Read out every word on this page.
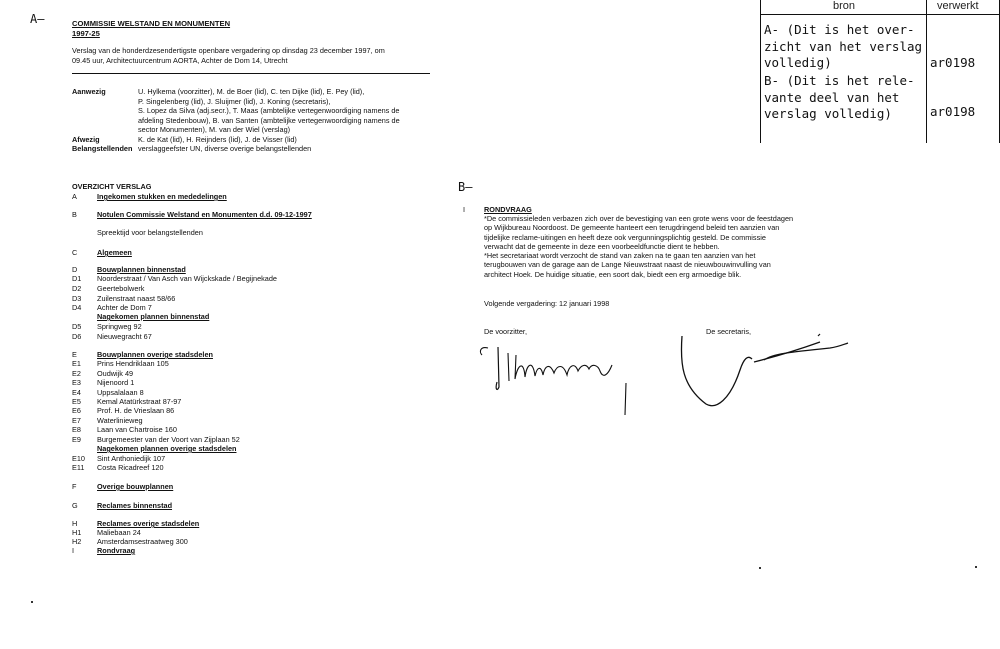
A—
B—
COMMISSIE WELSTAND EN MONUMENTEN
1997-25
Verslag van de honderdzesendertigste openbare vergadering op dinsdag 23 december 1997, om
09.45 uur, Architectuurcentrum AORTA, Achter de Dom 14, Utrecht
Aanwezig	U. Hylkema (voorzitter), M. de Boer (lid), C. ten Dijke (lid), E. Pey (lid),
P. Singelenberg (lid), J. Sluijmer (lid), J. Koning (secretaris),
S. Lopez da Silva (adj.secr.), T. Maas (ambtelijke vertegenwoordiging namens de
afdeling Stedenbouw), B. van Santen (ambtelijke vertegenwoordiging namens de
sector Monumenten), M. van der Wiel (verslag)
Afwezig	K. de Kat (lid), H. Reijnders (lid), J. de Visser (lid)
Belangstellenden verslaggeefster UN, diverse overige belangstellenden
OVERZICHT VERSLAG
A	Ingekomen stukken en mededelingen
B	Notulen Commissie Welstand en Monumenten d.d. 09-12-1997
Spreektijd voor belangstellenden
C	Algemeen
D	Bouwplannen binnenstad
D1 Noorderstraat / Van Asch van Wijckskade / Begijnekade
D2 Geertebolwerk
D3 Zuilenstraat naast 58/66
D4 Achter de Dom 7
Nagekomen plannen binnenstad
D5 Springweg 92
D6 Nieuwegracht 67
E	Bouwplannen overige stadsdelen
E1 Prins Hendriklaan 105
E2 Oudwijk 49
E3 Nijenoord 1
E4 Uppsalalaan 8
E5 Kemal Atatürkstraat 87-97
E6 Prof. H. de Vrieslaan 86
E7 Waterlinieweg
E8 Laan van Chartroise 160
E9 Burgemeester van der Voort van Zijplaan 52
Nagekomen plannen overige stadsdelen
E10 Sint Anthoniedijk 107
E11 Costa Ricadreef 120
F	Overige bouwplannen
G	Reclames binnenstad
H	Reclames overige stadsdelen
H1 Maliebaan 24
H2 Amsterdamsestraatweg 300
I	Rondvraag
I	RONDVRAAG
*De commissieleden verbazen zich over de bevestiging van een grote wens voor de feestdagen
op Wijkbureau Noordoost. De gemeente hanteert een terugdringend beleid ten aanzien van
tijdelijke reclame-uitingen en heeft deze ook vergunningsplichtig gesteld. De commissie
verwacht dat de gemeente in deze een voorbeeldfunctie dient te hebben.
*Het secretariaat wordt verzocht de stand van zaken na te gaan ten aanzien van het
terugbouwen van de garage aan de Lange Nieuwstraat naast de nieuwbouwinvulling van
architect Hoek. De huidige situatie, een soort dak, biedt een erg armoedige blik.
Volgende vergadering: 12 januari 1998
De voorzitter,	De secretaris,
bron	verwerkt
A- (Dit is het over-
zicht van het verslag
volledig)	ar0198
B- (Dit is het rele-
vante deel van het
verslag volledig)	ar0198
